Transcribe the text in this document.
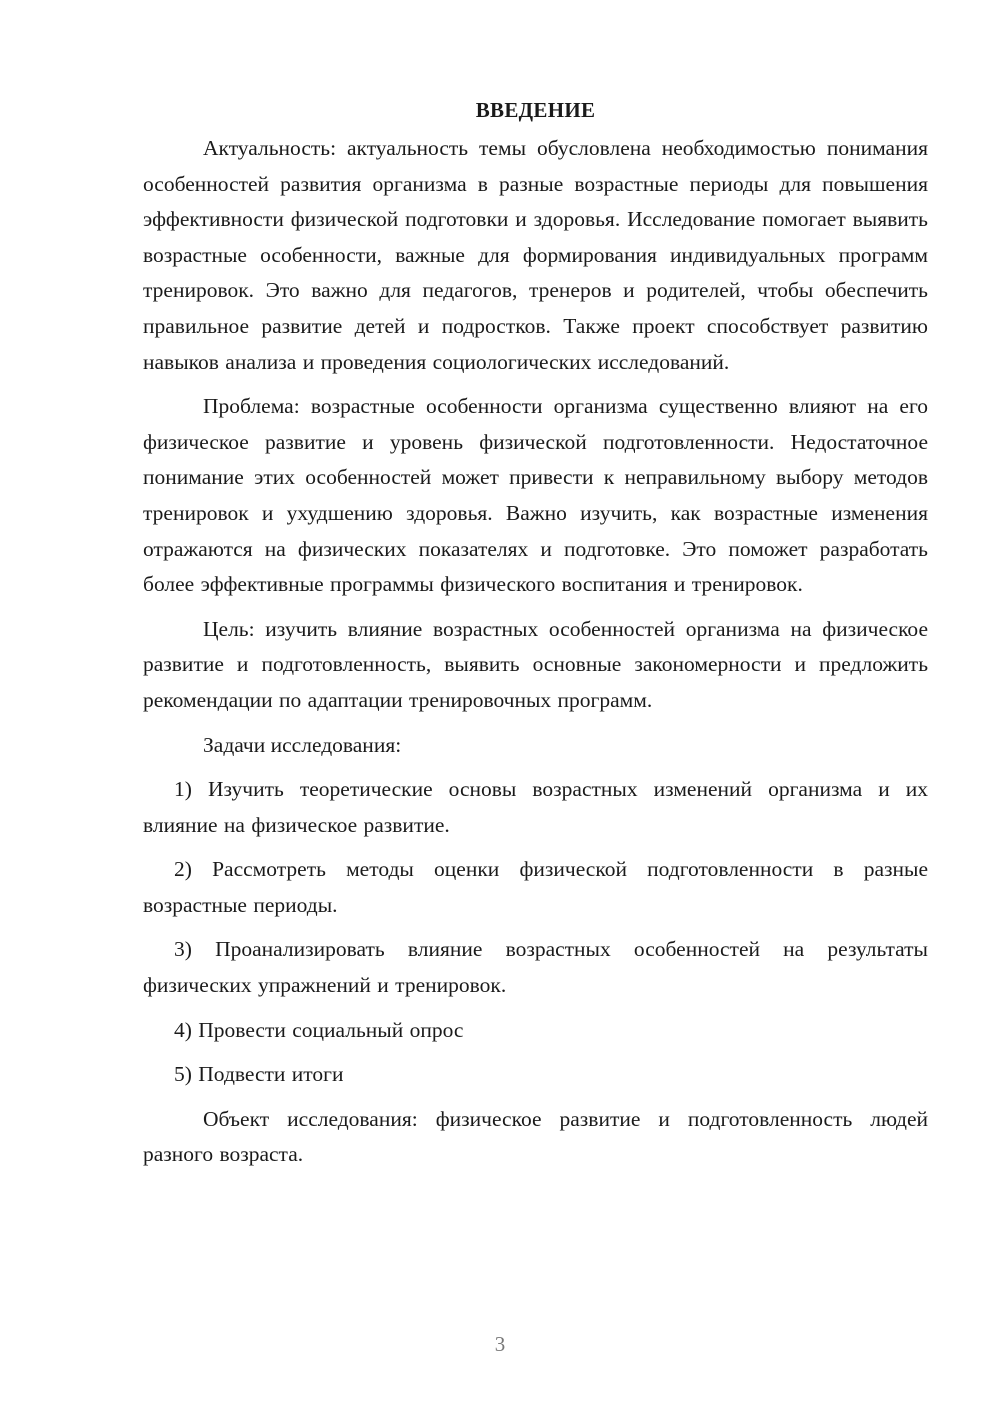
ВВЕДЕНИЕ

Актуальность: актуальность темы обусловлена необходимостью понимания особенностей развития организма в разные возрастные периоды для повышения эффективности физической подготовки и здоровья. Исследование помогает выявить возрастные особенности, важные для формирования индивидуальных программ тренировок. Это важно для педагогов, тренеров и родителей, чтобы обеспечить правильное развитие детей и подростков. Также проект способствует развитию навыков анализа и проведения социологических исследований.

Проблема: возрастные особенности организма существенно влияют на его физическое развитие и уровень физической подготовленности. Недостаточное понимание этих особенностей может привести к неправильному выбору методов тренировок и ухудшению здоровья. Важно изучить, как возрастные изменения отражаются на физических показателях и подготовке. Это поможет разработать более эффективные программы физического воспитания и тренировок.

Цель: изучить влияние возрастных особенностей организма на физическое развитие и подготовленность, выявить основные закономерности и предложить рекомендации по адаптации тренировочных программ.

Задачи исследования:

1) Изучить теоретические основы возрастных изменений организма и их влияние на физическое развитие.

2) Рассмотреть методы оценки физической подготовленности в разные возрастные периоды.

3) Проанализировать влияние возрастных особенностей на результаты физических упражнений и тренировок.

4) Провести социальный опрос

5) Подвести итоги

Объект исследования: физическое развитие и подготовленность людей разного возраста.

3
